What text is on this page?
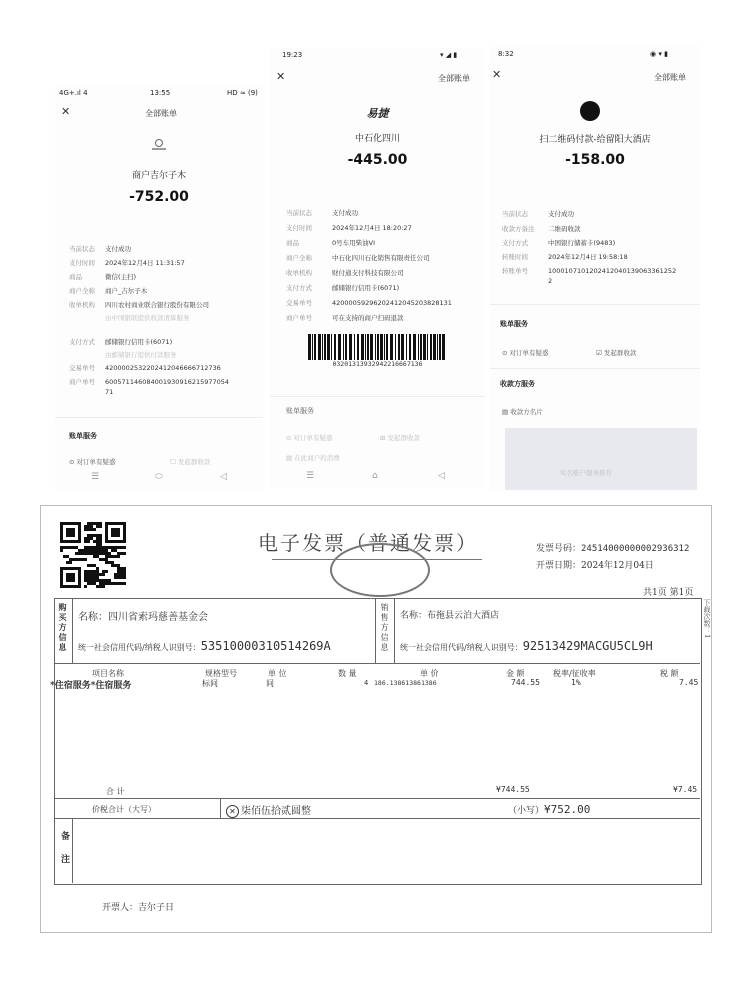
4G+.ıl 4	13:55	HD ≈ (9)
✕	全部账单
商户吉尔子木
-752.00
当前状态 支付成功
支付时间 2024年12月4日 11:31:57
商品	微信(主扫)
商户全称 商户_吉尔子木
收单机构 四川农村商业联合银行股份有限公司
由中国银联提供收款清算服务
支付方式 邮储银行信用卡(6071)
由邮储银行提供付款服务
交易单号 4200002532202412046666712736
商户单号 600571146084001930916215977054
71
账单服务
⊙ 对订单有疑惑	☐ 发起群收款
☰	⬭	◁
19:23	▾ ◢ ▮
✕	全部账单
易捷
中石化四川
-445.00
当前状态	支付成功
支付时间	2024年12月4日 18:20:27
商品	0号车用柴油VI
商户全称	中石化四川石化销售有限责任公司
收单机构	财付通支付科技有限公司
支付方式	邮储银行信用卡(6071)
交易单号	4200005929620241204520382813​1
商户单号	可在支持的商户扫码退款
0320131393294221666713​6
账单服务
⊙ 对订单有疑惑	⊞ 发起群收款
▤ 在此商户的消费
☰	⌂	◁
8:32	◉ ▾ ▮
✕	全部账单
扫二维码付款-给留阳大酒店
-158.00
当前状态	支付成功
收款方备注 二维码收款
支付方式	中国银行储蓄卡(9483)
转账时间	2024年12月4日 19:58:18
转账单号	100010710120241204013906336125​2
2
账单服务
⊙ 对订单有疑惑	☑ 发起群收款
收款方服务
▤ 收款方名片
实名账户服务推荐
电子发票（普通发票）	发票号码：24514000000002936312
开票日期：2024年12月04日
共1页 第1页
下载次数：1
购买方信息	销售方信息
名称：四川省索玛慈善基金会
统一社会信用代码/纳税人识别号：53510000310514269A
名称：布拖县云泊大酒店
统一社会信用代码/纳税人识别号：92513429MACGU5CL9H
项目名称	规格型号	单 位	数 量	单 价	金 额	税率/征收率	税 额
*住宿服务*住宿服务	标间	间	4 186.138613861386	744.55	1%	7.45
合 计	¥744.55	¥7.45
价税合计（大写）	✕ 柒佰伍拾贰圆整	（小写）¥752.00
备注
开票人：吉尔子日
